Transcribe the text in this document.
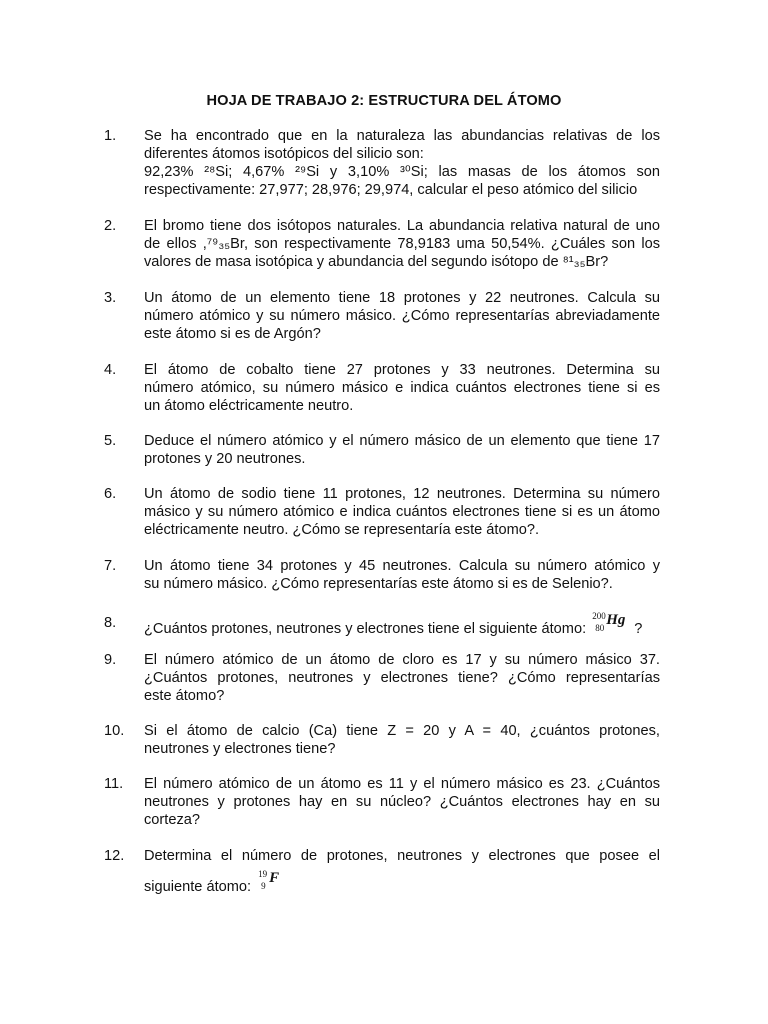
HOJA DE TRABAJO 2: ESTRUCTURA DEL ÁTOMO
1.	Se ha encontrado que en la naturaleza las abundancias relativas de los
diferentes átomos isotópicos del silicio son:
92,23% ²⁸Si; 4,67% ²⁹Si y 3,10% ³⁰Si; las masas de los átomos son
respectivamente: 27,977; 28,976; 29,974, calcular el peso atómico del silicio
2.	El bromo tiene dos isótopos naturales. La abundancia relativa natural de uno
de ellos ,⁷⁹₃₅Br, son respectivamente 78,9183 uma 50,54%. ¿Cuáles son los
valores de masa isotópica y abundancia del segundo isótopo de ⁸¹₃₅Br?
3.	Un átomo de un elemento tiene 18 protones y 22 neutrones. Calcula su
número atómico y su número másico. ¿Cómo representarías abreviadamente
este átomo si es de Argón?
4.	El átomo de cobalto tiene 27 protones y 33 neutrones. Determina su
número atómico, su número másico e indica cuántos electrones tiene si es
un átomo eléctricamente neutro.
5.	Deduce el número atómico y el número másico de un elemento que tiene 17
protones y 20 neutrones.
6.	Un átomo de sodio tiene 11 protones, 12 neutrones. Determina su número
másico y su número atómico e indica cuántos electrones tiene si es un átomo
eléctricamente neutro. ¿Cómo se representaría este átomo?.
7.	Un átomo tiene 34 protones y 45 neutrones. Calcula su número atómico y
su número másico. ¿Cómo representarías este átomo si es de Selenio?.
8.	¿Cuántos protones, neutrones y electrones tiene el siguiente átomo:
200
80 Hg
?
9.	El número atómico de un átomo de cloro es 17 y su número másico 37.
¿Cuántos protones, neutrones y electrones tiene? ¿Cómo representarías
este átomo?
10.	Si el átomo de calcio (Ca) tiene Z = 20 y A = 40, ¿cuántos protones,
neutrones y electrones tiene?
11.	El número atómico de un átomo es 11 y el número másico es 23. ¿Cuántos
neutrones y protones hay en su núcleo? ¿Cuántos electrones hay en su
corteza?
12.	Determina el número de protones, neutrones y electrones que posee el
siguiente átomo:
19
9 F
